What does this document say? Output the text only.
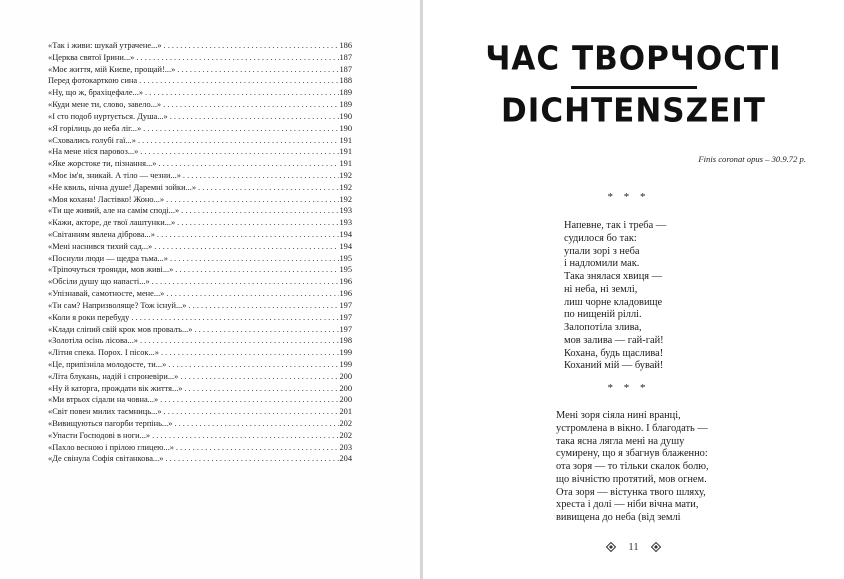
«Так і живи: шукай утрачене...» . . .	186
«Церква святої Ірини...» . . .	187
«Моє життя, мій Києве, прощай!...» . . .	187
Перед фотокарткою сина . . .	188
«Ну, що ж, брахіцефале...» . . .	189
«Куди мене ти, слово, завело...» . . .	189
«І сто подоб нуртується. Душа...» . . .	190
«Я горілиць до неба ліг...» . . .	190
«Сховались голубі гаї...» . . .	191
«На мене ніся паровоз...» . . .	191
«Яке жорстоке ти, пізнання...» . . .	191
«Моє ім'я, зникай. А тіло — чезни...» . . .	192
«Не квиль, нічна душе! Даремні зойки...» . . .	192
«Моя кохана! Ластівко! Жоно...» . . .	192
«Ти ще живий, але на самім споді...» . . .	193
«Кажи, акторе, де твої лаштунки...» . . .	193
«Світанням явлена діброва...» . . .	194
«Мені наснився тихий сад...» . . .	194
«Поснули люди — щедра тьма...» . . .	195
«Тріпочуться троянди, мов живі...» . . .	195
«Обсіли душу що напасті...» . . .	196
«Упізнавай, самотносте, мене...» . . .	196
«Ти сам? Напризволяще? Тож існуй...» . . .	197
«Коли я роки перебуду . . .	197
«Клади сліпий свій крок мов провалъ...» . . .	197
«Золотіла осінь лісова...» . . .	198
«Літня спека. Порох. І пісок...» . . .	199
«Це, припізніла молодосте, ти...» . . .	199
«Літа блукань, надій і спроневіри...» . . .	200
«Ну й каторга, прождати вік життя...» . . .	200
«Ми втрьох сідали на човна...» . . .	200
«Світ повен милих таємниць...» . . .	201
«Вивищуються пагорби терпінь...» . . .	202
«Упасти Господові в ноги...» . . .	202
«Пахло весною і прілою глицею...» . . .	203
«Де свінула Софія світанкова...» . . .	204
ЧАС ТВОРЧОСТІ
DICHTENSZEIT
Finis coronat opus – 30.9.72 p.
* * *
Напевне, так і треба —
судилося бо так:
упали зорі з неба
і надломили мак.
Така знялася хвиця —
ні неба, ні землі,
лиш чорне кладовище
по нищеній ріллі.
Залопотіла злива,
мов залива — гай-гай!
Кохана, будь щаслива!
Коханий мій — бувай!
* * *
Мені зоря сіяла нині вранці,
устромлена в вікно. І благодать —
така ясна лягла мені на душу
сумирену, що я збагнув блаженно:
ота зоря — то тільки скалок болю,
що вічністю протятий, мов огнем.
Ота зоря — вістунка твого шляху,
хреста і долі — ніби вічна мати,
вивищена до неба (від землі
11
